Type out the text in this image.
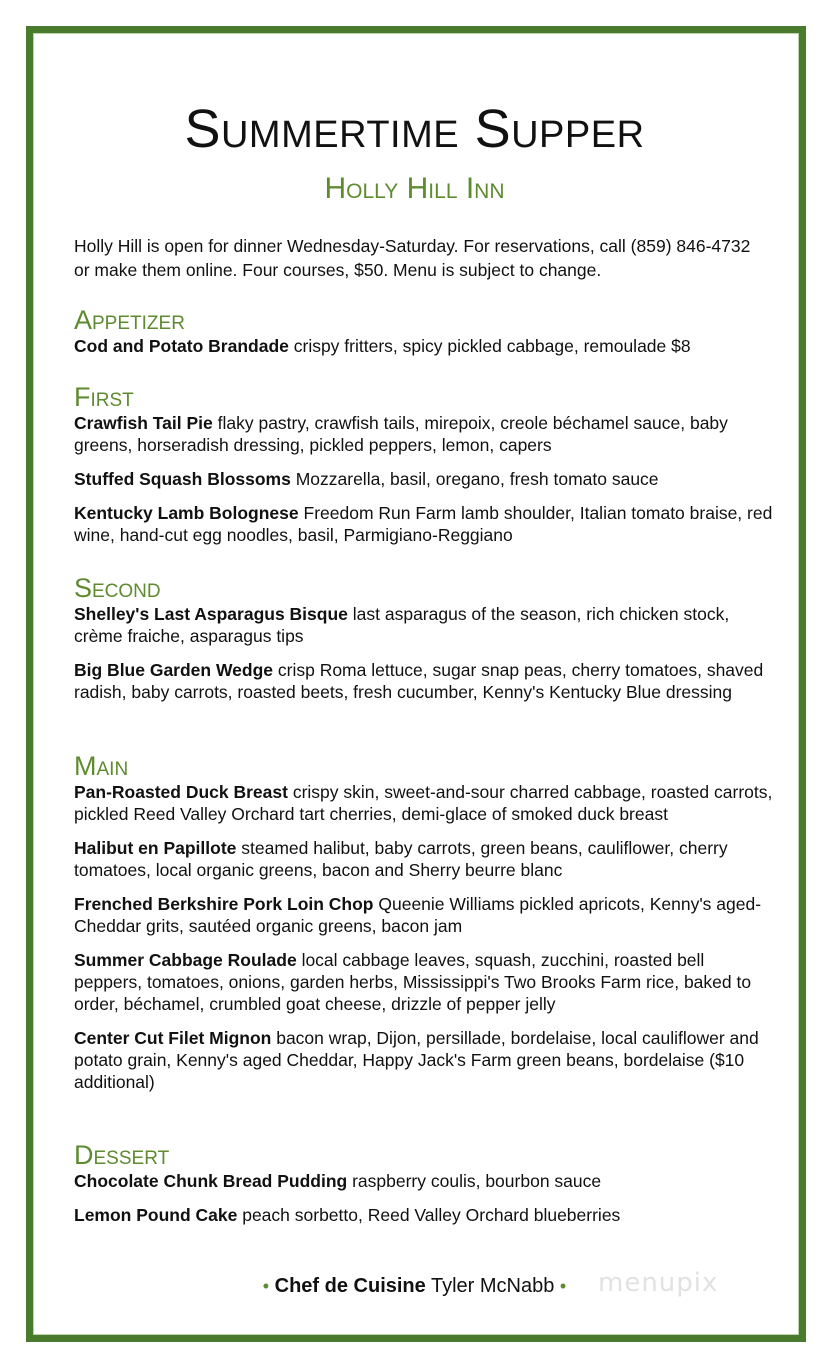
Summertime Supper
Holly Hill Inn
Holly Hill is open for dinner Wednesday-Saturday. For reservations, call (859) 846-4732 or make them online. Four courses, $50. Menu is subject to change.
Appetizer
Cod and Potato Brandade crispy fritters, spicy pickled cabbage, remoulade $8
First
Crawfish Tail Pie flaky pastry, crawfish tails, mirepoix, creole béchamel sauce, baby greens, horseradish dressing, pickled peppers, lemon, capers
Stuffed Squash Blossoms Mozzarella, basil, oregano, fresh tomato sauce
Kentucky Lamb Bolognese Freedom Run Farm lamb shoulder, Italian tomato braise, red wine, hand-cut egg noodles, basil, Parmigiano-Reggiano
Second
Shelley's Last Asparagus Bisque last asparagus of the season, rich chicken stock, crème fraiche, asparagus tips
Big Blue Garden Wedge crisp Roma lettuce, sugar snap peas, cherry tomatoes, shaved radish, baby carrots, roasted beets, fresh cucumber, Kenny's Kentucky Blue dressing
Main
Pan-Roasted Duck Breast crispy skin, sweet-and-sour charred cabbage, roasted carrots, pickled Reed Valley Orchard tart cherries, demi-glace of smoked duck breast
Halibut en Papillote steamed halibut, baby carrots, green beans, cauliflower, cherry tomatoes, local organic greens, bacon and Sherry beurre blanc
Frenched Berkshire Pork Loin Chop Queenie Williams pickled apricots, Kenny's aged-Cheddar grits, sautéed organic greens, bacon jam
Summer Cabbage Roulade local cabbage leaves, squash, zucchini, roasted bell peppers, tomatoes, onions, garden herbs, Mississippi's Two Brooks Farm rice, baked to order, béchamel, crumbled goat cheese, drizzle of pepper jelly
Center Cut Filet Mignon bacon wrap, Dijon, persillade, bordelaise, local cauliflower and potato grain, Kenny's aged Cheddar, Happy Jack's Farm green beans, bordelaise ($10 additional)
Dessert
Chocolate Chunk Bread Pudding raspberry coulis, bourbon sauce
Lemon Pound Cake peach sorbetto, Reed Valley Orchard blueberries
• Chef de Cuisine Tyler McNabb •	menupix
